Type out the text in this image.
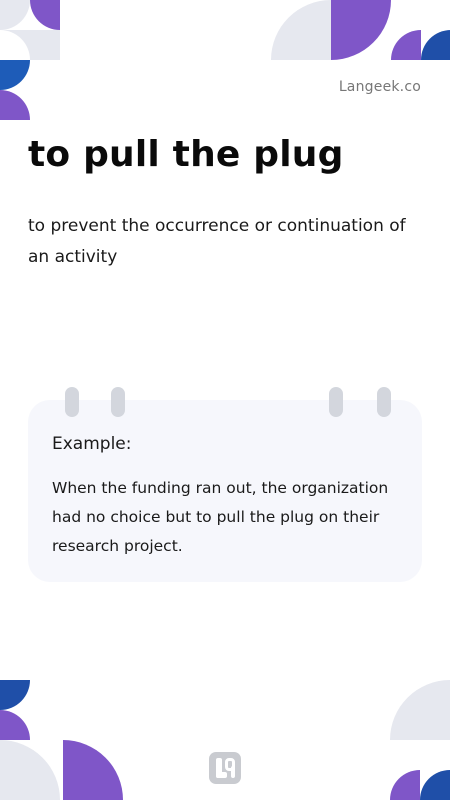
Langeek.co
to pull the plug

to prevent the occurrence or continuation of an activity

Example:

When the funding ran out, the organization had no choice but to pull the plug on their research project.
